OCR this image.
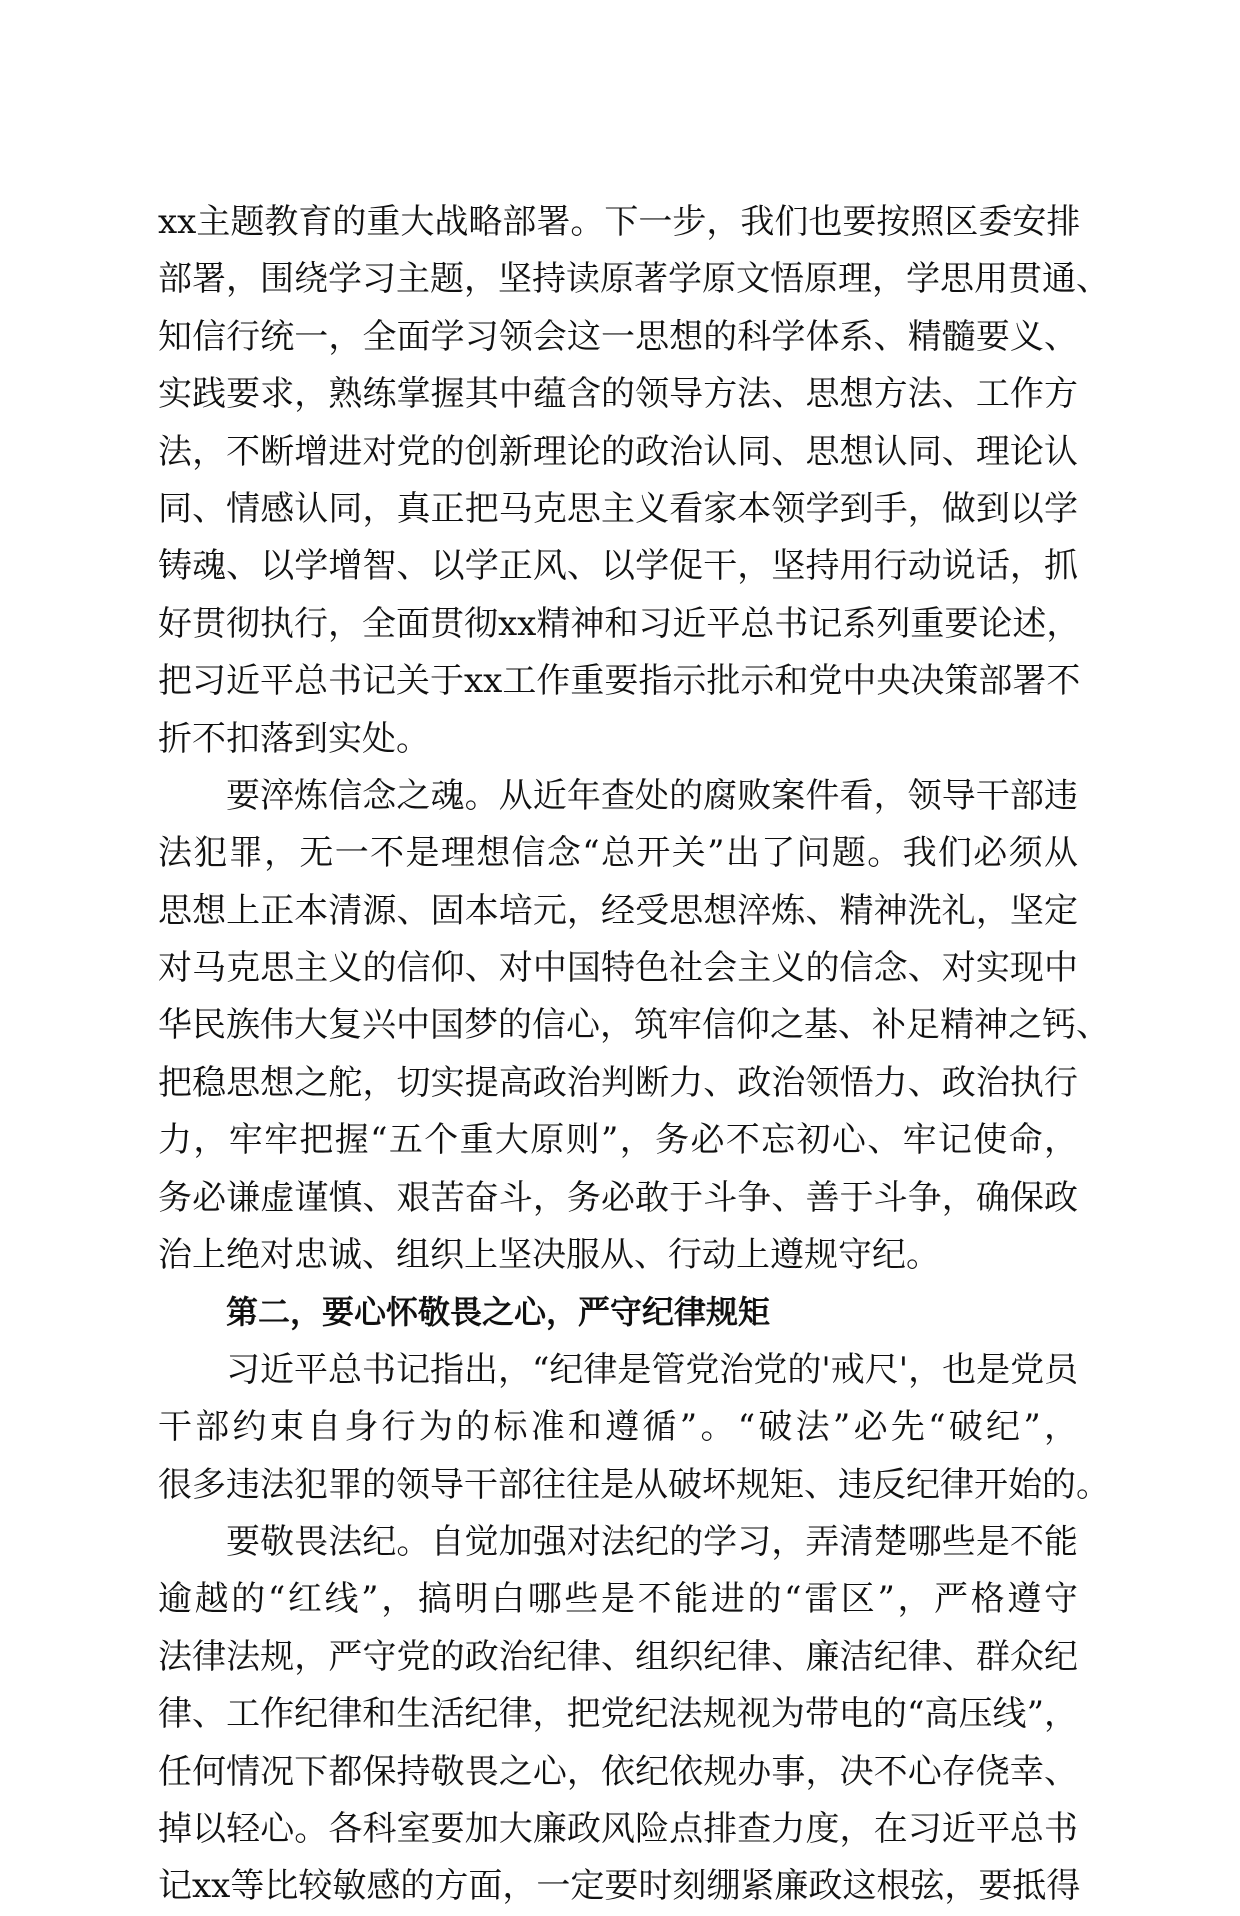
xx主题教育的重大战略部署。下一步，我们也要按照区委安排
部署，围绕学习主题，坚持读原著学原文悟原理，学思用贯通、
知信行统一，全面学习领会这一思想的科学体系、精髓要义、
实践要求，熟练掌握其中蕴含的领导方法、思想方法、工作方
法，不断增进对党的创新理论的政治认同、思想认同、理论认
同、情感认同，真正把马克思主义看家本领学到手，做到以学
铸魂、以学增智、以学正风、以学促干，坚持用行动说话，抓
好贯彻执行，全面贯彻xx精神和习近平总书记系列重要论述，
把习近平总书记关于xx工作重要指示批示和党中央决策部署不
折不扣落到实处。
要淬炼信念之魂。从近年查处的腐败案件看，领导干部违
法犯罪，无一不是理想信念“总开关”出了问题。我们必须从
思想上正本清源、固本培元，经受思想淬炼、精神洗礼，坚定
对马克思主义的信仰、对中国特色社会主义的信念、对实现中
华民族伟大复兴中国梦的信心，筑牢信仰之基、补足精神之钙、
把稳思想之舵，切实提高政治判断力、政治领悟力、政治执行
力，牢牢把握“五个重大原则”，务必不忘初心、牢记使命，
务必谦虚谨慎、艰苦奋斗，务必敢于斗争、善于斗争，确保政
治上绝对忠诚、组织上坚决服从、行动上遵规守纪。
第二，要心怀敬畏之心，严守纪律规矩
习近平总书记指出，“纪律是管党治党的'戒尺'，也是党员
干部约束自身行为的标准和遵循”。“破法”必先“破纪”，
很多违法犯罪的领导干部往往是从破坏规矩、违反纪律开始的。
要敬畏法纪。自觉加强对法纪的学习，弄清楚哪些是不能
逾越的“红线”，搞明白哪些是不能进的“雷区”，严格遵守
法律法规，严守党的政治纪律、组织纪律、廉洁纪律、群众纪
律、工作纪律和生活纪律，把党纪法规视为带电的“高压线”，
任何情况下都保持敬畏之心，依纪依规办事，决不心存侥幸、
掉以轻心。各科室要加大廉政风险点排查力度，在习近平总书
记xx等比较敏感的方面，一定要时刻绷紧廉政这根弦，要抵得
